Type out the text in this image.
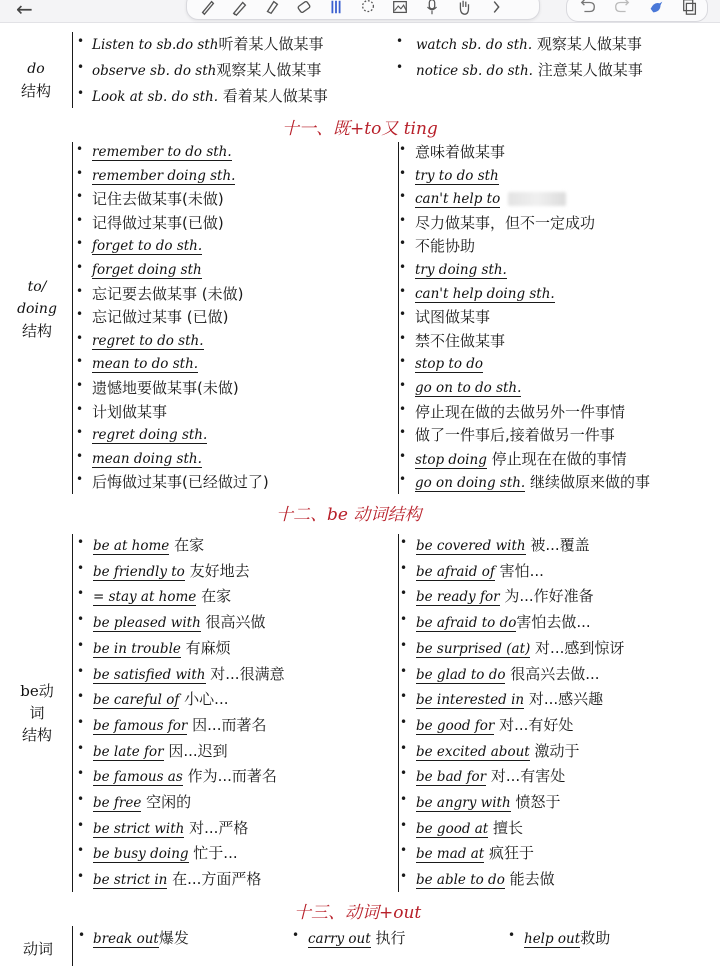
←
do
结构
• Listen to sb.do sth听着某人做某事
• observe sb. do sth观察某人做某事
• Look at sb. do sth. 看着某人做某事
• watch sb. do sth. 观察某人做某事
• notice sb. do sth. 注意某人做某事
十一、既+to又 ting
to/
doing
结构
• remember to do sth.
• remember doing sth.
• 记住去做某事(未做)
• 记得做过某事(已做)
• forget to do sth.
• forget doing sth
• 忘记要去做某事 (未做)
• 忘记做过某事 (已做)
• regret to do sth.
• mean to do sth.
• 遗憾地要做某事(未做)
• 计划做某事
• regret doing sth.
• mean doing sth.
• 后悔做过某事(已经做过了)
• 意味着做某事
• try to do sth
• can't help to
• 尽力做某事，但不一定成功
• 不能协助
• try doing sth.
• can't help doing sth.
• 试图做某事
• 禁不住做某事
• stop to do
• go on to do sth.
• 停止现在做的去做另外一件事情
• 做了一件事后,接着做另一件事
• stop doing 停止现在在做的事情
• go on doing sth. 继续做原来做的事
十二、be 动词结构
be动
词
结构
• be at home 在家
• be friendly to 友好地去
• = stay at home 在家
• be pleased with 很高兴做
• be in trouble 有麻烦
• be satisfied with 对...很满意
• be careful of 小心...
• be famous for 因...而著名
• be late for 因...迟到
• be famous as 作为...而著名
• be free 空闲的
• be strict with 对...严格
• be busy doing 忙于...
• be strict in 在...方面严格
• be covered with 被...覆盖
• be afraid of 害怕...
• be ready for 为...作好准备
• be afraid to do害怕去做...
• be surprised (at) 对...感到惊讶
• be glad to do 很高兴去做...
• be interested in 对...感兴趣
• be good for 对...有好处
• be excited about 激动于
• be bad for 对...有害处
• be angry with 愤怒于
• be good at 擅长
• be mad at 疯狂于
• be able to do 能去做
十三、动词+out
动词
• break out爆发	• carry out 执行	• help out救助
